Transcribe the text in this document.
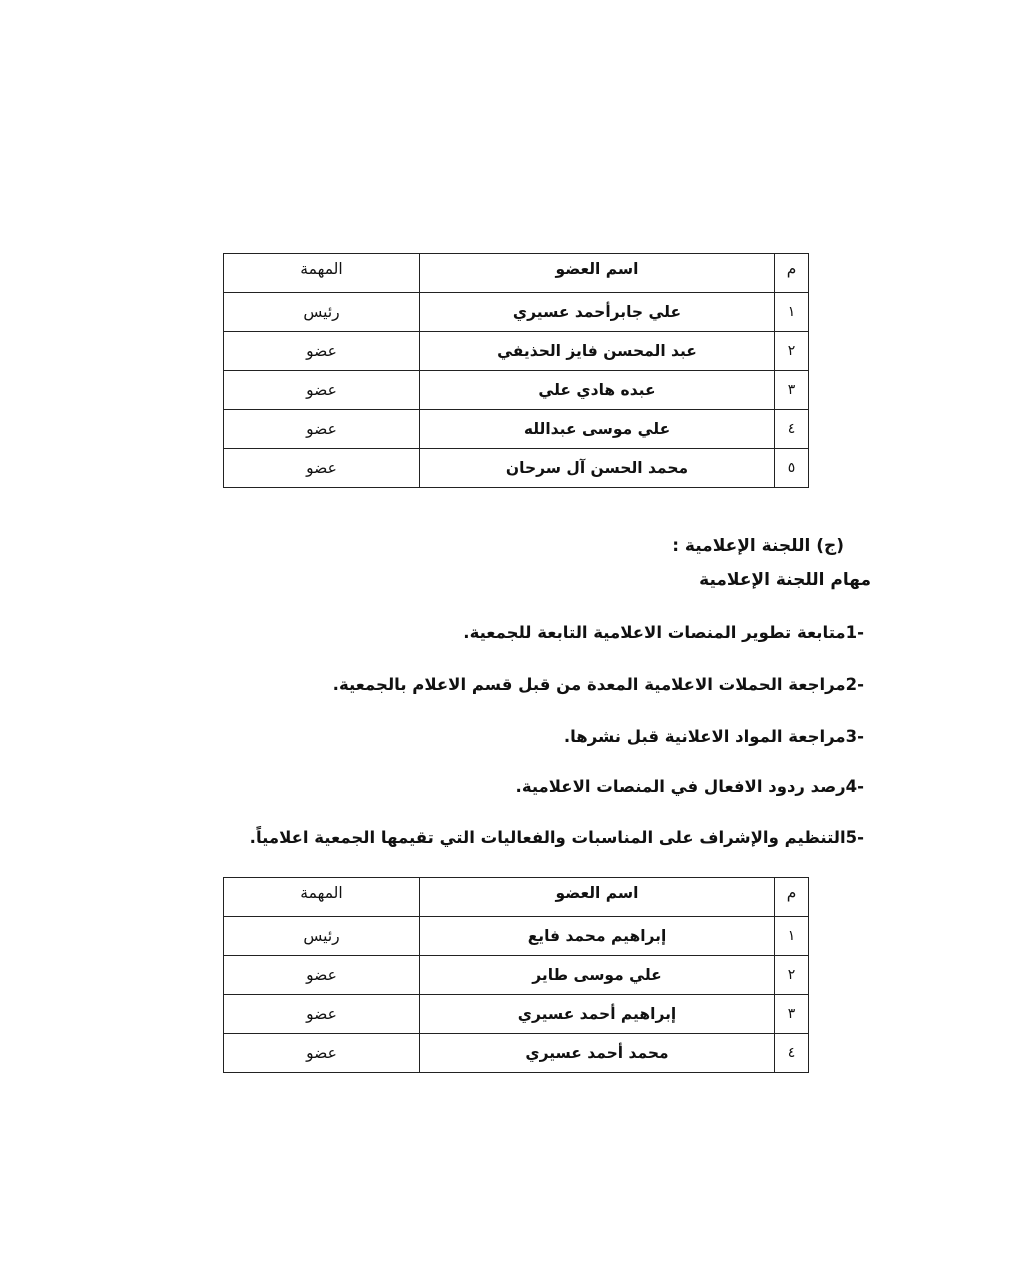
م	اسم العضو	المهمة
١	علي جابرأحمد عسيري	رئيس
٢	عبد المحسن فايز الحذيفي	عضو
٣	عبده هادي علي	عضو
٤	علي موسى عبدالله	عضو
٥	محمد الحسن آل سرحان	عضو
(ج) اللجنة الإعلامية :
مهام اللجنة الإعلامية
-1متابعة تطوير المنصات الاعلامية التابعة للجمعية.
-2مراجعة الحملات الاعلامية المعدة من قبل قسم الاعلام بالجمعية.
-3مراجعة المواد الاعلانية قبل نشرها.
-4رصد ردود الافعال في المنصات الاعلامية.
-5التنظيم والإشراف على المناسبات والفعاليات التي تقيمها الجمعية اعلامياً.
م	اسم العضو	المهمة
١	إبراهيم محمد فايع	رئيس
٢	علي موسى طاير	عضو
٣	إبراهيم أحمد عسيري	عضو
٤	محمد أحمد عسيري	عضو
